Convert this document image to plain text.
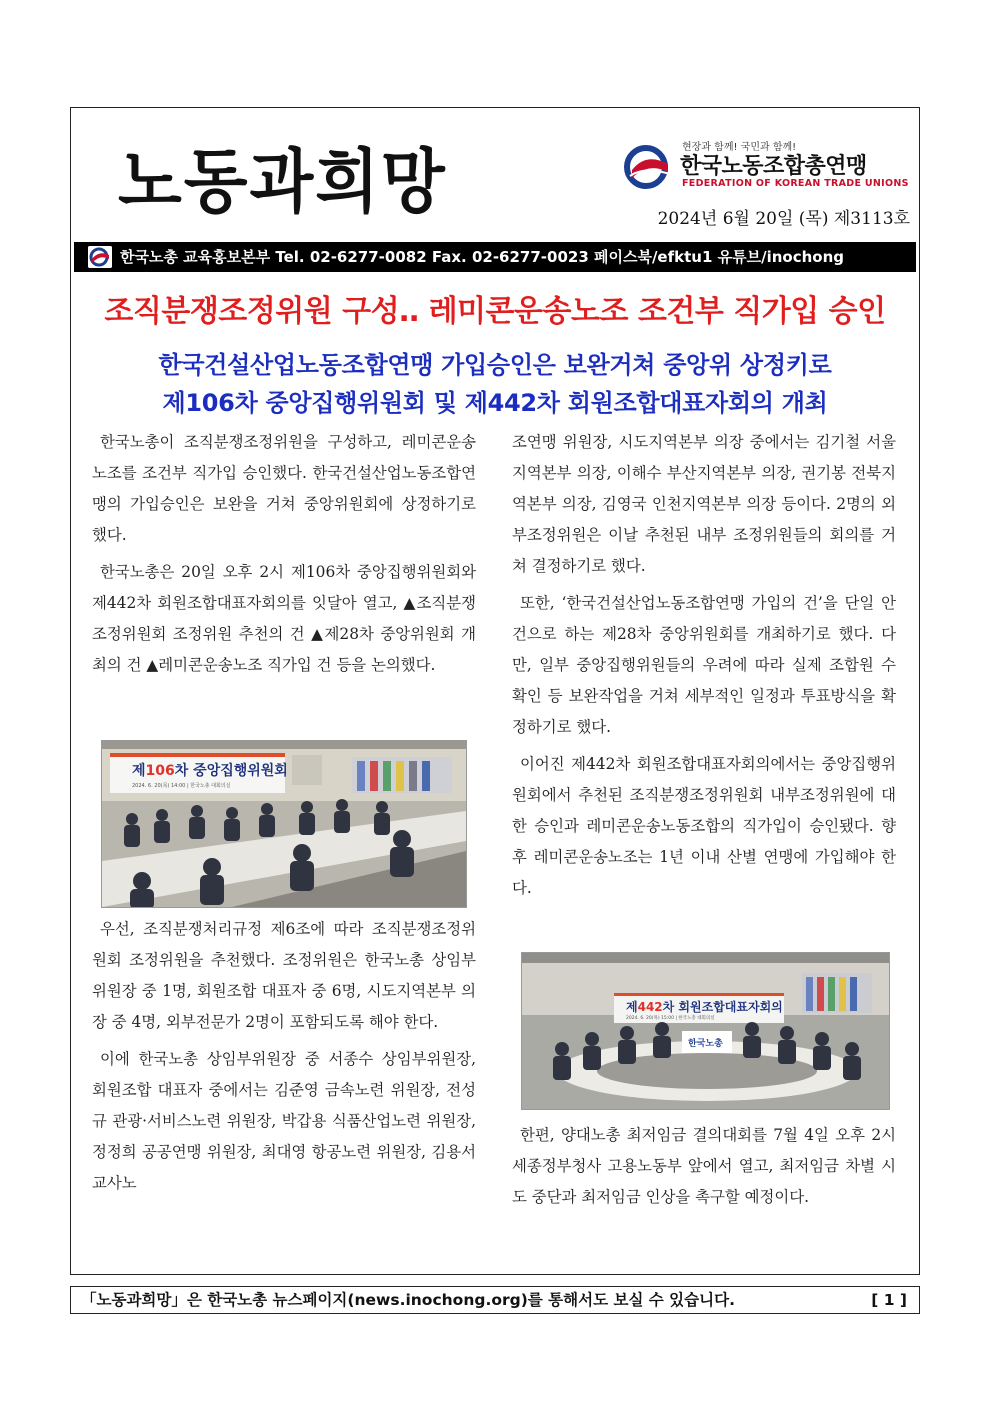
노동과희망	현장과 함께! 국민과 함께!
한국노동조합총연맹
FEDERATION OF KOREAN TRADE UNIONS
2024년 6월 20일 (목) 제3113호
한국노총 교육홍보본부 Tel. 02-6277-0082 Fax. 02-6277-0023 페이스북/efktu1 유튜브/inochong
조직분쟁조정위원 구성‥ 레미콘운송노조 조건부 직가입 승인
한국건설산업노동조합연맹 가입승인은 보완거쳐 중앙위 상정키로
제106차 중앙집행위원회 및 제442차 회원조합대표자회의 개최

한국노총이 조직분쟁조정위원을 구성하고, 레미콘운송노조를 조건부 직가입 승인했다. 한국건설산업노동조합연맹의 가입승인은 보완을 거쳐 중앙위원회에 상정하기로 했다.

한국노총은 20일 오후 2시 제106차 중앙집행위원회와 제442차 회원조합대표자회의를 잇달아 열고, ▲조직분쟁조정위원회 조정위원 추천의 건 ▲제28차 중앙위원회 개최의 건 ▲레미콘운송노조 직가입 건 등을 논의했다.

제106차 중앙집행위원회
2024. 6. 20(목) 14:00 | 한국노총 대회의실

우선, 조직분쟁처리규정 제6조에 따라 조직분쟁조정위원회 조정위원을 추천했다. 조정위원은 한국노총 상임부위원장 중 1명, 회원조합 대표자 중 6명, 시도지역본부 의장 중 4명, 외부전문가 2명이 포함되도록 해야 한다.

이에 한국노총 상임부위원장 중 서종수 상임부위원장, 회원조합 대표자 중에서는 김준영 금속노련 위원장, 전성규 관광·서비스노련 위원장, 박갑용 식품산업노련 위원장, 정정희 공공연맹 위원장, 최대영 항공노련 위원장, 김용서 교사노

조연맹 위원장, 시도지역본부 의장 중에서는 김기철 서울지역본부 의장, 이해수 부산지역본부 의장, 권기봉 전북지역본부 의장, 김영국 인천지역본부 의장 등이다. 2명의 외부조정위원은 이날 추천된 내부 조정위원들의 회의를 거쳐 결정하기로 했다.

또한, ‘한국건설산업노동조합연맹 가입의 건’을 단일 안건으로 하는 제28차 중앙위원회를 개최하기로 했다. 다만, 일부 중앙집행위원들의 우려에 따라 실제 조합원 수 확인 등 보완작업을 거쳐 세부적인 일정과 투표방식을 확정하기로 했다.

이어진 제442차 회원조합대표자회의에서는 중앙집행위원회에서 추천된 조직분쟁조정위원회 내부조정위원에 대한 승인과 레미콘운송노동조합의 직가입이 승인됐다. 향후 레미콘운송노조는 1년 이내 산별 연맹에 가입해야 한다.

제442차 회원조합대표자회의
2024. 6. 20(목) 15:00 | 한국노총 대회의실
한국노총

한편, 양대노총 최저임금 결의대회를 7월 4일 오후 2시 세종정부청사 고용노동부 앞에서 열고, 최저임금 차별 시도 중단과 최저임금 인상을 촉구할 예정이다.

「노동과희망」은 한국노총 뉴스페이지(news.inochong.org)를 통해서도 보실 수 있습니다.	[ 1 ]
